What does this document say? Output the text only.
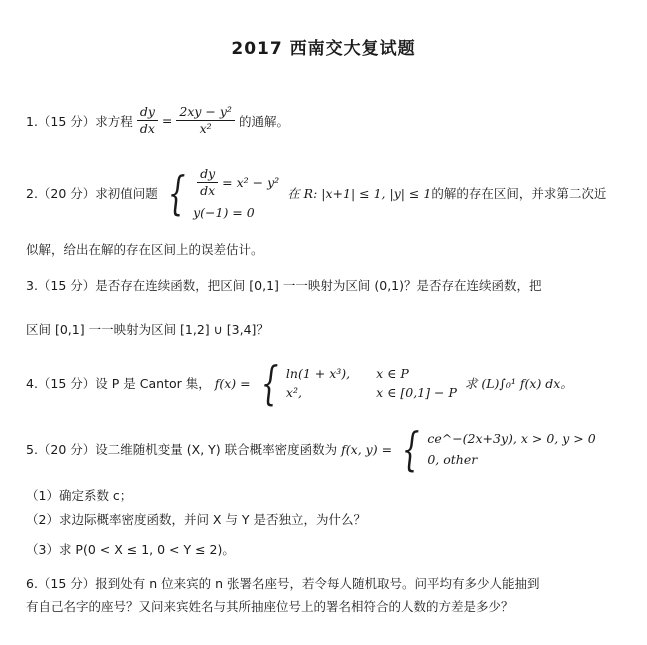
2017 西南交大复试题
1.（15 分）求方程 $\frac{dy}{dx} = \frac{\text{2xy − y²}}{\text{x²}}$ 的通解。
2.（20 分）求初值问题 { $\frac{dy}{dx} = x^2 - y^2$
y(−1) = 0
在 R: |x+1| ≤ 1, |y| ≤ 1 的解的存在区间，并求第二次近
似解，给出在解的存在区间上的误差估计。
3.（15 分）是否存在连续函数，把区间 [0,1] 一一映射为区间 (0,1)？是否存在连续函数，把
区间 [0,1] 一一映射为区间 [1,2] ∪ [3,4]？
4.（15 分）设 P 是 Cantor 集， f(x) = { ln(1 + x³), x ∈ P
x²,	x ∈ [0,1] − P
求 (L)∫₀¹ f(x) dx。
5.（20 分）设二维随机变量 (X, Y) 联合概率密度函数为 f(x, y) = { ce^−(2x+3y), x > 0, y > 0
0, other
（1）确定系数 c；
（2）求边际概率密度函数，并问 X 与 Y 是否独立，为什么？
（3）求 P(0 < X ≤ 1, 0 < Y ≤ 2)。
6.（15 分）报到处有 n 位来宾的 n 张署名座号，若令每人随机取号。问平均有多少人能抽到
有自己名字的座号？又问来宾姓名与其所抽座位号上的署名相符合的人数的方差是多少？
